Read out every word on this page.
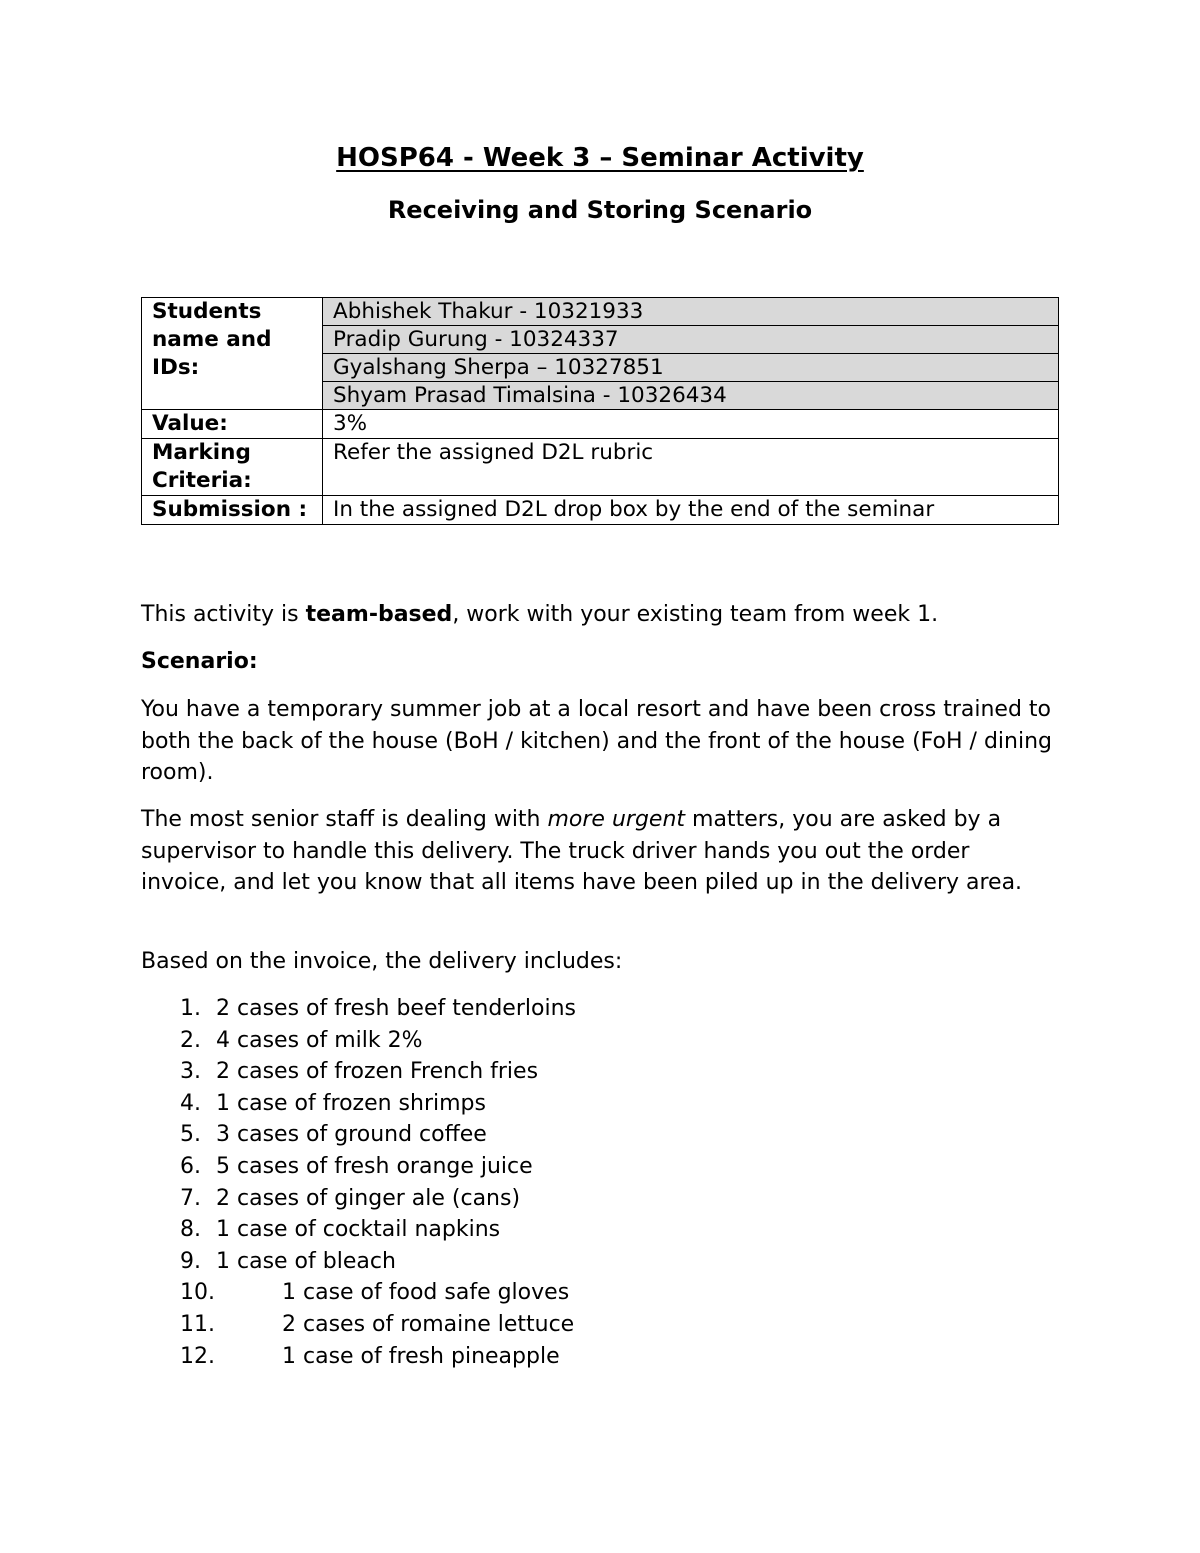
HOSP64 - Week 3 – Seminar Activity
Receiving and Storing Scenario
Students name and IDs:	Abhishek Thakur - 10321933
	Pradip Gurung - 10324337
	Gyalshang Sherpa – 10327851
	Shyam Prasad Timalsina - 10326434
Value:	3%
Marking Criteria:	Refer the assigned D2L rubric
Submission :	In the assigned D2L drop box by the end of the seminar

This activity is team-based, work with your existing team from week 1.

Scenario:

You have a temporary summer job at a local resort and have been cross trained to both the back of the house (BoH / kitchen) and the front of the house (FoH / dining room).

The most senior staff is dealing with more urgent matters, you are asked by a supervisor to handle this delivery. The truck driver hands you out the order invoice, and let you know that all items have been piled up in the delivery area.

Based on the invoice, the delivery includes:

1. 2 cases of fresh beef tenderloins
2. 4 cases of milk 2%
3. 2 cases of frozen French fries
4. 1 case of frozen shrimps
5. 3 cases of ground coffee
6. 5 cases of fresh orange juice
7. 2 cases of ginger ale (cans)
8. 1 case of cocktail napkins
9. 1 case of bleach
10.	1 case of food safe gloves
11.	2 cases of romaine lettuce
12.	1 case of fresh pineapple
